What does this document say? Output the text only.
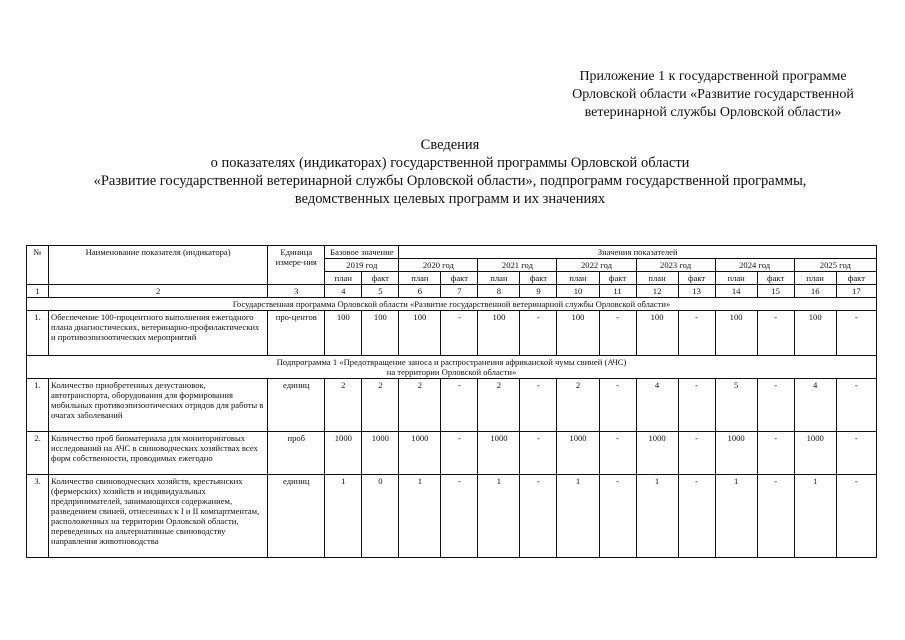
Приложение 1 к государственной программе
Орловской области «Развитие государственной
ветеринарной службы Орловской области»
Сведения
о показателях (индикаторах) государственной программы Орловской области
«Развитие государственной ветеринарной службы Орловской области», подпрограмм государственной программы,
ведомственных целевых программ и их значениях
№	Наименование показателя (индикатора)	Единица измере-ния	Базовое значение		Значения показателей											
			2019 год		2020 год		2021 год		2022 год		2023 год		2024 год		2025 год	
			план	факт	план	факт	план	факт	план	факт	план	факт	план	факт	план	факт
1	2	3	4	5	6	7	8	9	10	11	12	13	14	15	16	17
Государственная программа Орловской области «Развитие государственной ветеринарной службы Орловской области»																
1.	Обеспечение 100-процентного выполнения ежегодного плана диагностических, ветеринарно-профилактических и противоэпизоотических мероприятий	про-центов	100	100	100	-	100	-	100	-	100	-	100	-	100	-

Подпрограмма 1 «Предотвращение заноса и распространения африканской чумы свиней (АЧС)
на территории Орловской области»																

1.	Количество приобретенных дезустановок, автотранспорта, оборудования для формирования мобильных противоэпизоотических отрядов для работы в очагах заболеваний	единиц	2	2	2	-	2	-	2	-	4	-	5	-	4	-
2.	Количество проб биоматериала для мониторинговых исследований на АЧС в свиноводческих хозяйствах всех форм собственности, проводимых ежегодно	проб	1000	1000	1000	-	1000	-	1000	-	1000	-	1000	-	1000	-
3.	Количество свиноводческих хозяйств, крестьянских (фермерских) хозяйств и индивидуальных предпринимателей, занимающихся содержанием, разведением свиней, отнесенных к I и II компартментам, расположенных на территории Орловской области, переведенных на альтернативные свиноводству направления животноводства	единиц	1	0	1	-	1	-	1	-	1	-	1	-	1	-
